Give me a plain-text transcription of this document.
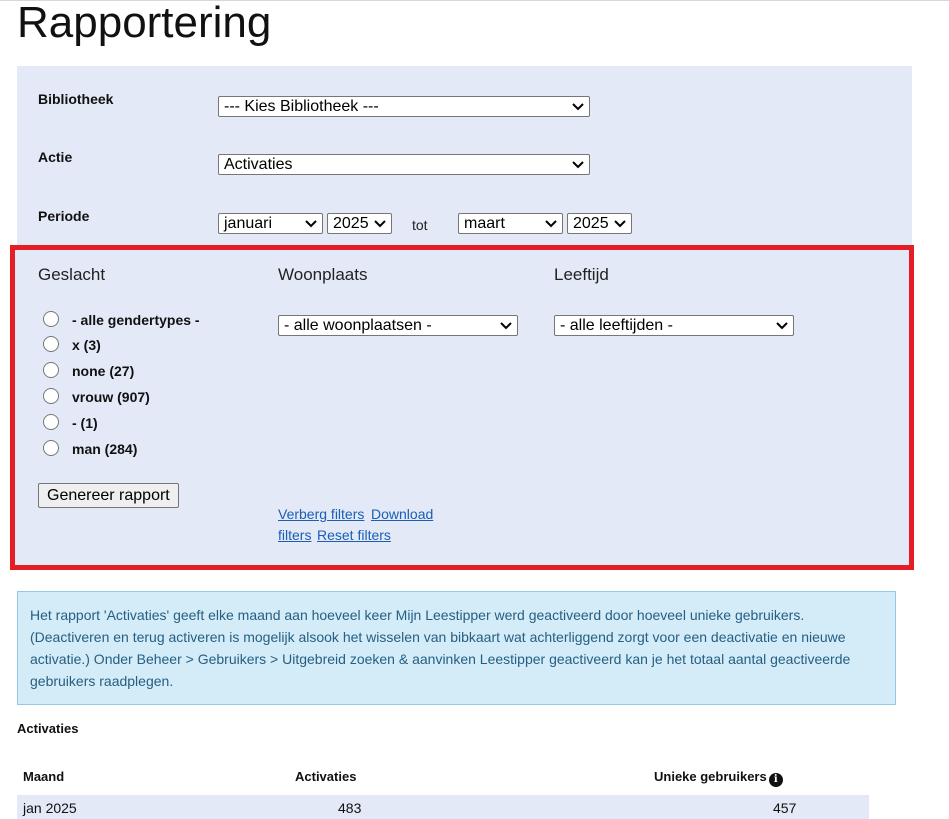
Rapportering
Bibliotheek	--- Kies Bibliotheek ---
Actie	Activaties
Periode	januari	2025	tot	maart	2025
Geslacht	Woonplaats	Leeftijd
- alle gendertypes -
x (3)
none (27)
vrouw (907)
- (1)
man (284)
- alle woonplaatsen -	- alle leeftijden -
Genereer rapport
Verberg filters Download
filters Reset filters
Het rapport 'Activaties' geeft elke maand aan hoeveel keer Mijn Leestipper werd geactiveerd door hoeveel unieke gebruikers. (Deactiveren en terug activeren is mogelijk alsook het wisselen van bibkaart wat achterliggend zorgt voor een deactivatie en nieuwe activatie.) Onder Beheer > Gebruikers > Uitgebreid zoeken & aanvinken Leestipper geactiveerd kan je het totaal aantal geactiveerde gebruikers raadplegen.
Activaties
Maand	Activaties	Unieke gebruikers i
jan 2025	483	457
